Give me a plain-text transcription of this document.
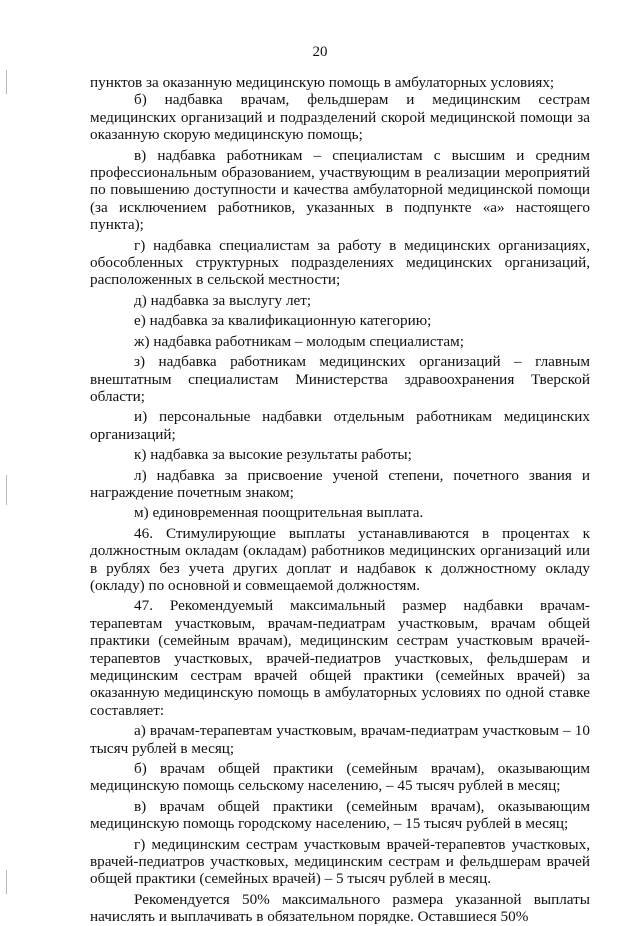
20

пунктов за оказанную медицинскую помощь в амбулаторных условиях;

б) надбавка врачам, фельдшерам и медицинским сестрам медицинских организаций и подразделений скорой медицинской помощи за оказанную скорую медицинскую помощь;

в) надбавка работникам – специалистам с высшим и средним профессиональным образованием, участвующим в реализации мероприятий по повышению доступности и качества амбулаторной медицинской помощи (за исключением работников, указанных в подпункте «а» настоящего пункта);

г) надбавка специалистам за работу в медицинских организациях, обособленных структурных подразделениях медицинских организаций, расположенных в сельской местности;

д) надбавка за выслугу лет;

е) надбавка за квалификационную категорию;

ж) надбавка работникам – молодым специалистам;

з) надбавка работникам медицинских организаций – главным внештатным специалистам Министерства здравоохранения Тверской области;

и) персональные надбавки отдельным работникам медицинских организаций;

к) надбавка за высокие результаты работы;

л) надбавка за присвоение ученой степени, почетного звания и награждение почетным знаком;

м) единовременная поощрительная выплата.

46. Стимулирующие выплаты устанавливаются в процентах к должностным окладам (окладам) работников медицинских организаций или в рублях без учета других доплат и надбавок к должностному окладу (окладу) по основной и совмещаемой должностям.

47. Рекомендуемый максимальный размер надбавки врачам-терапевтам участковым, врачам-педиатрам участковым, врачам общей практики (семейным врачам), медицинским сестрам участковым врачей-терапевтов участковых, врачей-педиатров участковых, фельдшерам и медицинским сестрам врачей общей практики (семейных врачей) за оказанную медицинскую помощь в амбулаторных условиях по одной ставке составляет:

а) врачам-терапевтам участковым, врачам-педиатрам участковым – 10 тысяч рублей в месяц;

б) врачам общей практики (семейным врачам), оказывающим медицинскую помощь сельскому населению, – 45 тысяч рублей в месяц;

в) врачам общей практики (семейным врачам), оказывающим медицинскую помощь городскому населению, – 15 тысяч рублей в месяц;

г) медицинским сестрам участковым врачей-терапевтов участковых, врачей-педиатров участковых, медицинским сестрам и фельдшерам врачей общей практики (семейных врачей) – 5 тысяч рублей в месяц.

Рекомендуется 50% максимального размера указанной выплаты начислять и выплачивать в обязательном порядке. Оставшиеся 50%
